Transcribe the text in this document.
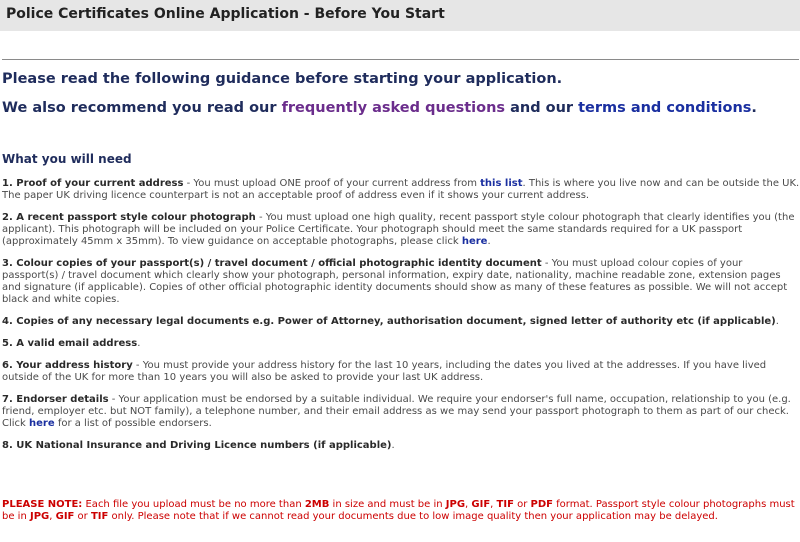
Police Certificates Online Application - Before You Start

Please read the following guidance before starting your application.

We also recommend you read our frequently asked questions and our terms and conditions.

What you will need

1. Proof of your current address - You must upload ONE proof of your current address from this list. This is where you live now and can be outside the UK. The paper UK driving licence counterpart is not an acceptable proof of address even if it shows your current address.

2. A recent passport style colour photograph - You must upload one high quality, recent passport style colour photograph that clearly identifies you (the applicant). This photograph will be included on your Police Certificate. Your photograph should meet the same standards required for a UK passport (approximately 45mm x 35mm). To view guidance on acceptable photographs, please click here.

3. Colour copies of your passport(s) / travel document / official photographic identity document - You must upload colour copies of your passport(s) / travel document which clearly show your photograph, personal information, expiry date, nationality, machine readable zone, extension pages and signature (if applicable). Copies of other official photographic identity documents should show as many of these features as possible. We will not accept black and white copies.

4. Copies of any necessary legal documents e.g. Power of Attorney, authorisation document, signed letter of authority etc (if applicable).

5. A valid email address.

6. Your address history - You must provide your address history for the last 10 years, including the dates you lived at the addresses. If you have lived outside of the UK for more than 10 years you will also be asked to provide your last UK address.

7. Endorser details - Your application must be endorsed by a suitable individual. We require your endorser's full name, occupation, relationship to you (e.g. friend, employer etc. but NOT family), a telephone number, and their email address as we may send your passport photograph to them as part of our check. Click here for a list of possible endorsers.

8. UK National Insurance and Driving Licence numbers (if applicable).

PLEASE NOTE: Each file you upload must be no more than 2MB in size and must be in JPG, GIF, TIF or PDF format. Passport style colour photographs must be in JPG, GIF or TIF only. Please note that if we cannot read your documents due to low image quality then your application may be delayed.
